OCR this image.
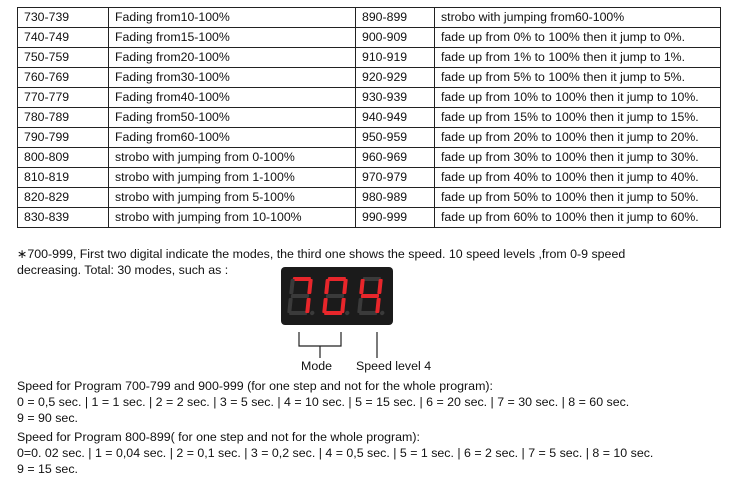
730-739	Fading from10-100%	890-899	strobo with jumping from60-100%
740-749	Fading from15-100%	900-909	fade up from 0% to 100% then it jump to 0%.
750-759	Fading from20-100%	910-919	fade up from 1% to 100% then it jump to 1%.
760-769	Fading from30-100%	920-929	fade up from 5% to 100% then it jump to 5%.
770-779	Fading from40-100%	930-939	fade up from 10% to 100% then it jump to 10%.
780-789	Fading from50-100%	940-949	fade up from 15% to 100% then it jump to 15%.
790-799	Fading from60-100%	950-959	fade up from 20% to 100% then it jump to 20%.
800-809	strobo with jumping from 0-100%	960-969	fade up from 30% to 100% then it jump to 30%.
810-819	strobo with jumping from 1-100%	970-979	fade up from 40% to 100% then it jump to 40%.
820-829	strobo with jumping from 5-100%	980-989	fade up from 50% to 100% then it jump to 50%.
830-839	strobo with jumping from 10-100%	990-999	fade up from 60% to 100% then it jump to 60%.
∗700-999, First two digital indicate the modes, the third one shows the speed. 10 speed levels ,from 0-9 speed
decreasing. Total: 30 modes, such as :
Mode Speed level 4
Speed for Program 700-799 and 900-999 (for one step and not for the whole program):
0 = 0,5 sec. | 1 = 1 sec. | 2 = 2 sec. | 3 = 5 sec. | 4 = 10 sec. | 5 = 15 sec. | 6 = 20 sec. | 7 = 30 sec. | 8 = 60 sec.
9 = 90 sec.
Speed for Program 800-899( for one step and not for the whole program):
0=0. 02 sec. | 1 = 0,04 sec. | 2 = 0,1 sec. | 3 = 0,2 sec. | 4 = 0,5 sec. | 5 = 1 sec. | 6 = 2 sec. | 7 = 5 sec. | 8 = 10 sec.
9 = 15 sec.
